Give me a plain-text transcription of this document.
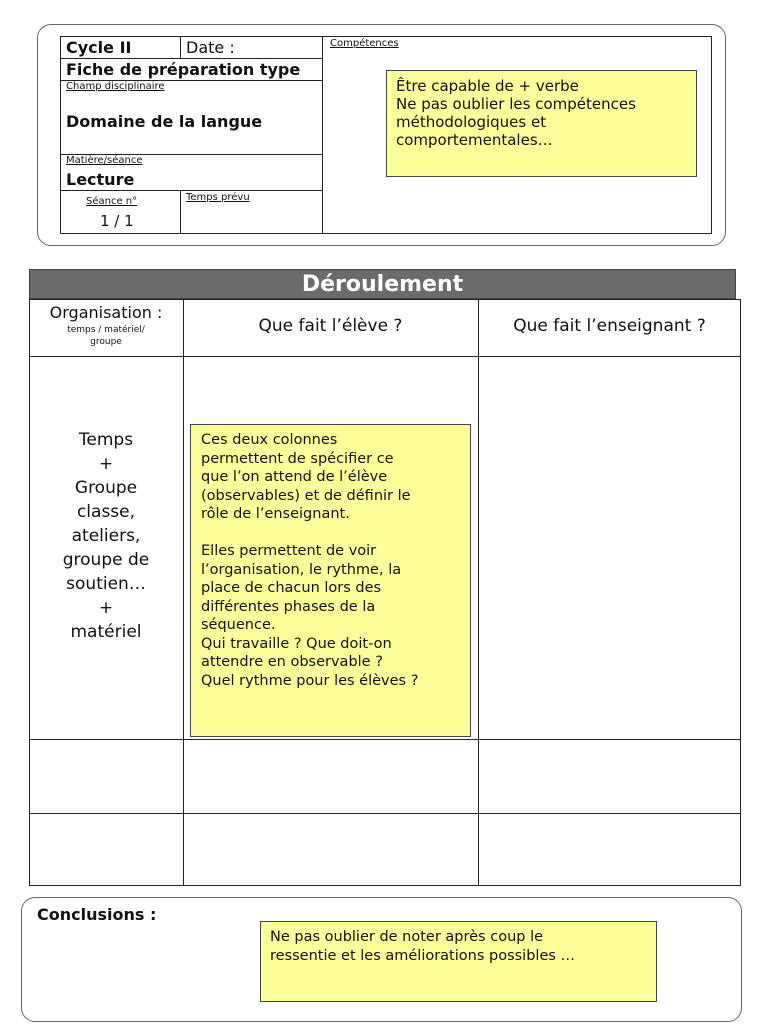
Cycle II	Date :
Fiche de préparation type
Champ disciplinaire
Domaine de la langue
Matière/séance
Lecture
Séance n°
1 / 1
Temps prévu
Compétences
Être capable de + verbe
Ne pas oublier les compétences
méthodologiques et
comportementales…
Déroulement
Organisation :
temps / matériel/
groupe
Que fait l’élève ?	Que fait l’enseignant ?
Temps
+
Groupe
classe,
ateliers,
groupe de
soutien…
+
matériel
Ces deux colonnes
permettent de spécifier ce
que l’on attend de l’élève
(observables) et de définir le
rôle de l’enseignant.
Elles permettent de voir
l’organisation, le rythme, la
place de chacun lors des
différentes phases de la
séquence.
Qui travaille ? Que doit-on
attendre en observable ?
Quel rythme pour les élèves ?
Conclusions :
Ne pas oublier de noter après coup le
ressentie et les améliorations possibles …
